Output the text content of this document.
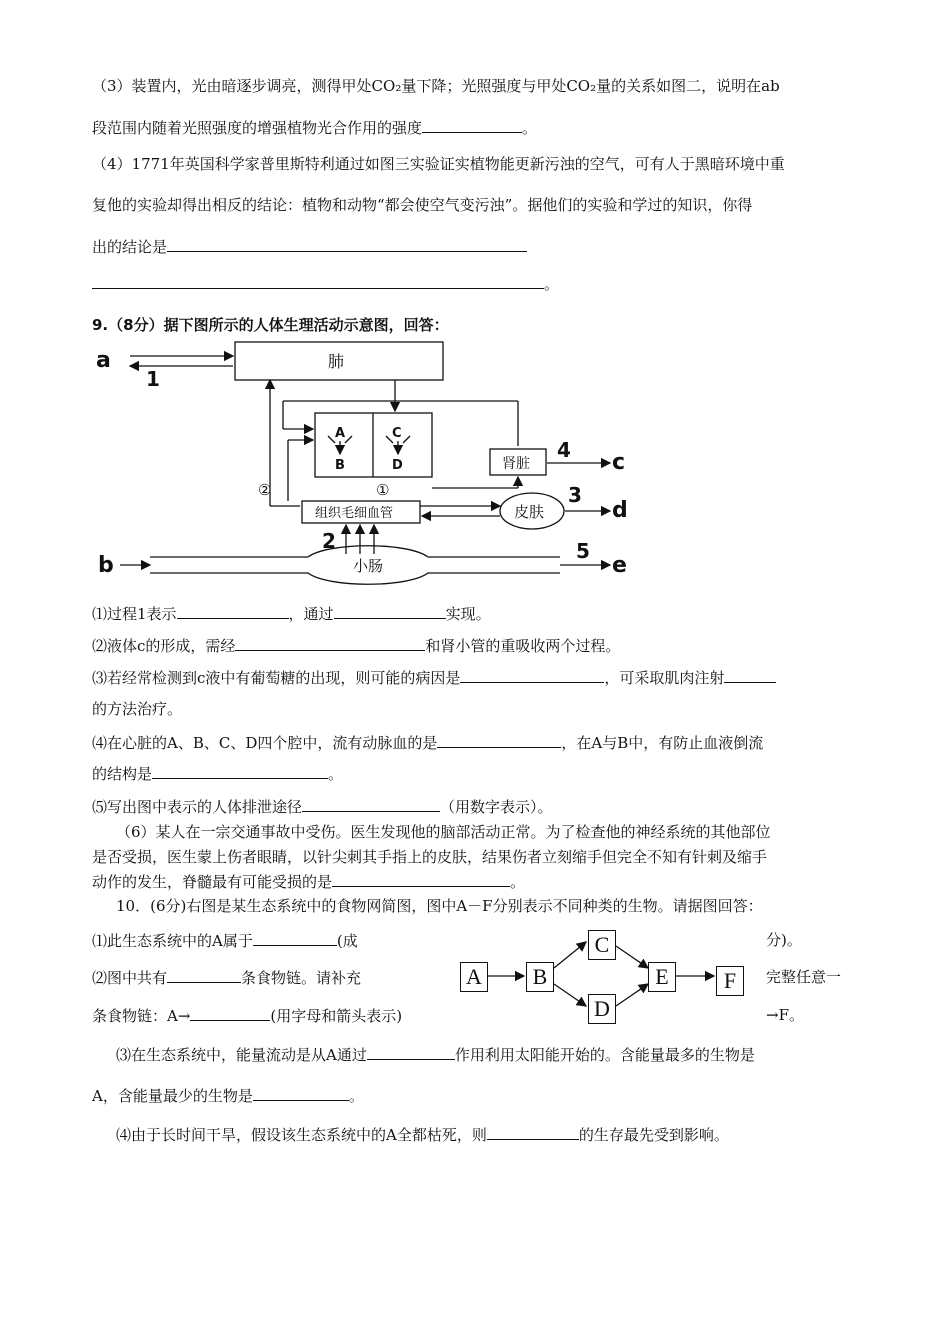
（3）装置内，光由暗逐步调亮，测得甲处CO₂量下降；光照强度与甲处CO₂量的关系如图二，说明在ab
段范围内随着光照强度的增强植物光合作用的强度	。
（4）1771年英国科学家普里斯特利通过如图三实验证实植物能更新污浊的空气，可有人于黑暗环境中重
复他的实验却得出相反的结论：植物和动物“都会使空气变污浊”。据他们的实验和学过的知识，你得
出的结论是
。
9.（8分）据下图所示的人体生理活动示意图，回答：
肺
a
1
A
B
C
D	肾脏
4 c
①
②
组织毛细血管	皮肤
3
d
2
小肠
b
5
e
⑴过程1表示	，通过	实现。
⑵液体c的形成，需经	和肾小管的重吸收两个过程。
⑶若经常检测到c液中有葡萄糖的出现，则可能的病因是	，可采取肌肉注射
的方法治疗。
⑷在心脏的A、B、C、D四个腔中，流有动脉血的是	，在A与B中，有防止血液倒流
的结构是	。
⑸写出图中表示的人体排泄途径	（用数字表示）。
（6）某人在一宗交通事故中受伤。医生发现他的脑部活动正常。为了检查他的神经系统的其他部位
是否受损，医生蒙上伤者眼睛，以针尖刺其手指上的皮肤，结果伤者立刻缩手但完全不知有针刺及缩手
动作的发生，脊髓最有可能受损的是	。
10．(6分)右图是某生态系统中的食物网简图，图中A－F分别表示不同种类的生物。请据图回答：
⑴此生态系统中的A属于	(成	分)。
⑵图中共有	条食物链。请补充	完整任意一
条食物链：A→	(用字母和箭头表示)	→F。
A	B
C
D
E	F
⑶在生态系统中，能量流动是从A通过	作用利用太阳能开始的。含能量最多的生物是
A，含能量最少的生物是	。
⑷由于长时间干旱，假设该生态系统中的A全都枯死，则	的生存最先受到影响。
